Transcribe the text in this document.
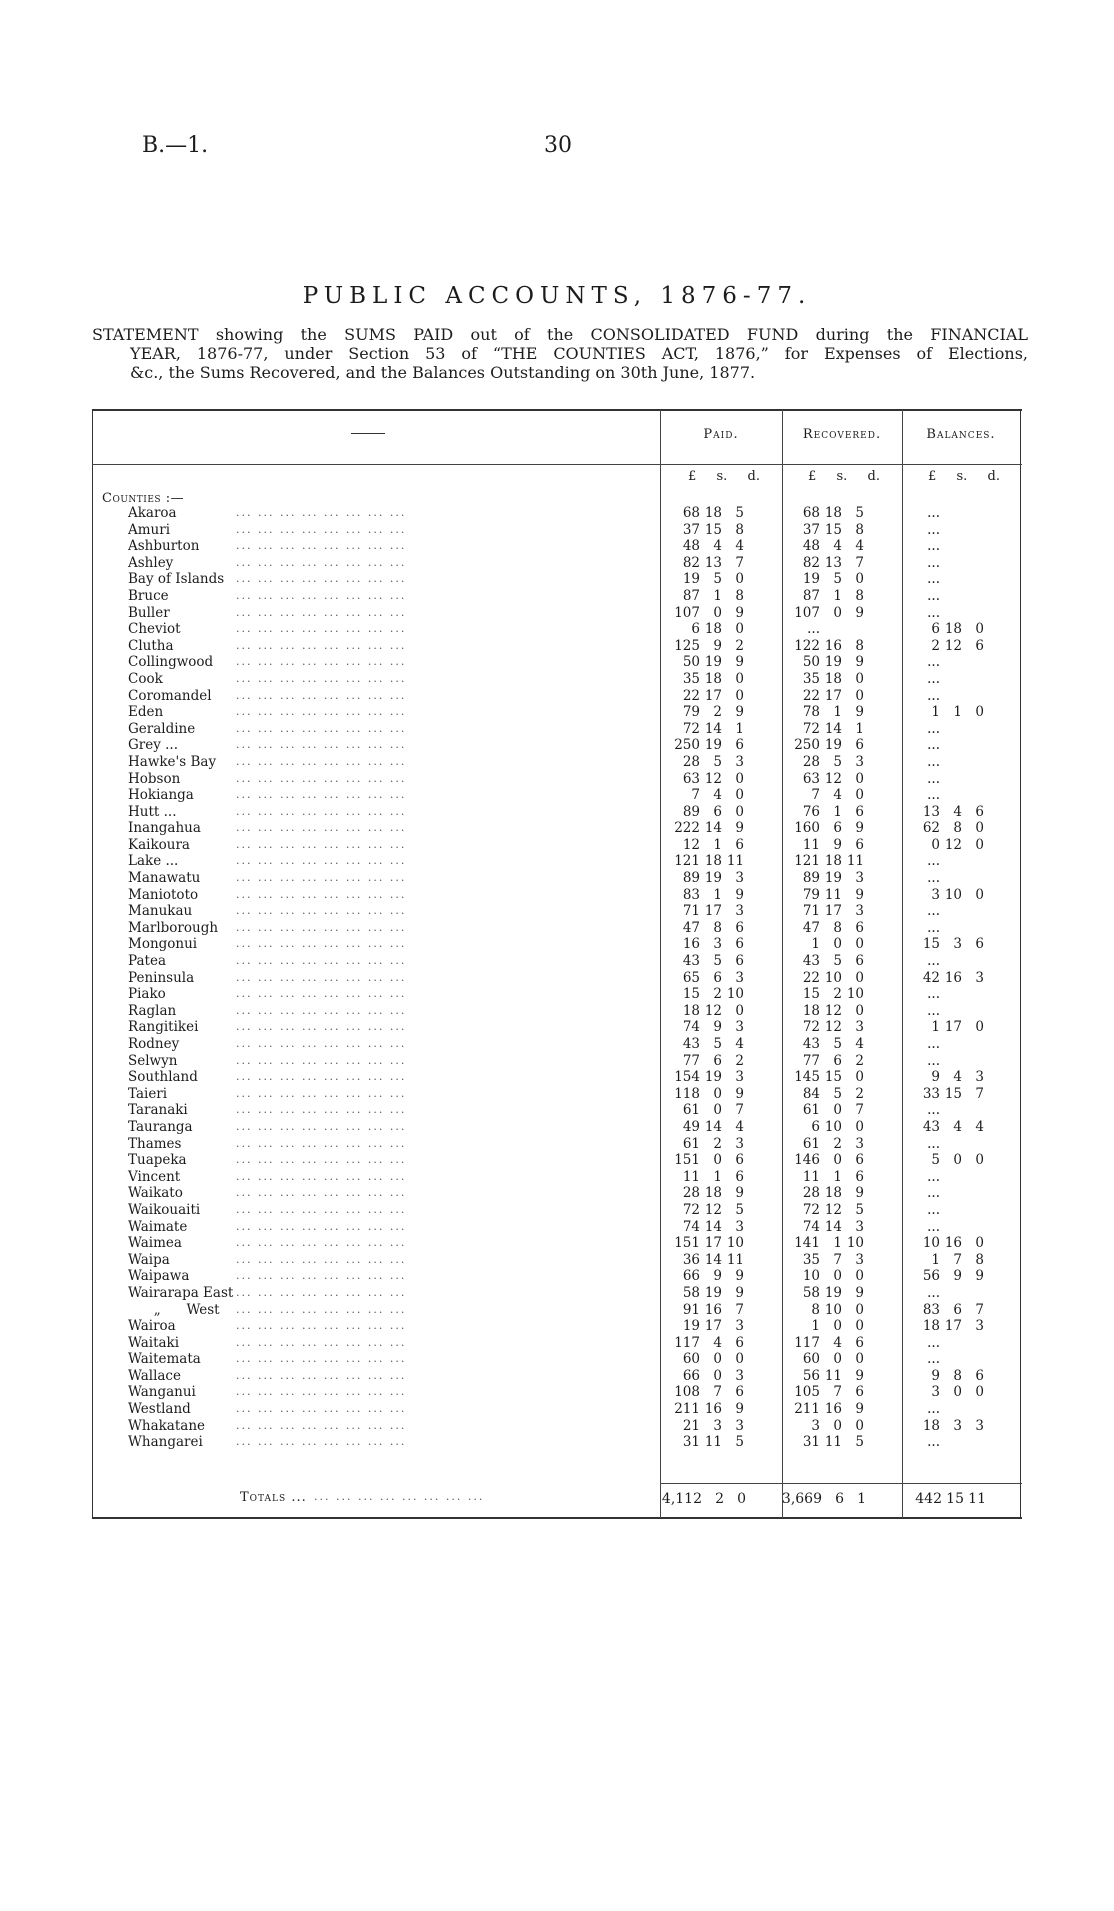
B.—1.	30
PUBLIC ACCOUNTS, 1876-77.
STATEMENT showing the SUMS PAID out of the CONSOLIDATED FUND during the FINANCIAL
YEAR, 1876-77, under Section 53 of “THE COUNTIES ACT, 1876,” for Expenses of Elections,
&c., the Sums Recovered, and the Balances Outstanding on 30th June, 1877.
Paid.	Recovered.	Balances.
£ s. d.	£ s. d.	£ s. d.
Counties :—
Akaroa	... ... ... ... ... ... ... ...	68 18 5	68 18 5	...
Amuri	... ... ... ... ... ... ... ...	37 15 8	37 15 8	...
Ashburton	... ... ... ... ... ... ... ...	48 4 4	48 4 4	...
Ashley	... ... ... ... ... ... ... ...	82 13 7	82 13 7	...
Bay of Islands ... ... ... ... ... ... ... ...	19 5 0	19 5 0	...
Bruce	... ... ... ... ... ... ... ...	87 1 8	87 1 8	...
Buller	... ... ... ... ... ... ... ...	107 0 9	107 0 9	...
Cheviot	... ... ... ... ... ... ... ...	6 18 0	...	6 18 0
Clutha	... ... ... ... ... ... ... ...	125 9 2	122 16 8	2 12 6
Collingwood ... ... ... ... ... ... ... ...	50 19 9	50 19 9	...
Cook	... ... ... ... ... ... ... ...	35 18 0	35 18 0	...
Coromandel ... ... ... ... ... ... ... ...	22 17 0	22 17 0	...
Eden	... ... ... ... ... ... ... ...	79 2 9	78 1 9	1 1 0
Geraldine	... ... ... ... ... ... ... ...	72 14 1	72 14 1	...
Grey ...	... ... ... ... ... ... ... ...	250 19 6	250 19 6	...
Hawke's Bay ... ... ... ... ... ... ... ...	28 5 3	28 5 3	...
Hobson	... ... ... ... ... ... ... ...	63 12 0	63 12 0	...
Hokianga	... ... ... ... ... ... ... ...	7 4 0	7 4 0	...
Hutt ...	... ... ... ... ... ... ... ...	89 6 0	76 1 6	13 4 6
Inangahua	... ... ... ... ... ... ... ...	222 14 9	160 6 9	62 8 0
Kaikoura	... ... ... ... ... ... ... ...	12 1 6	11 9 6	0 12 0
Lake ...	... ... ... ... ... ... ... ...	121 18 11	121 18 11	...
Manawatu	... ... ... ... ... ... ... ...	89 19 3	89 19 3	...
Maniototo	... ... ... ... ... ... ... ...	83 1 9	79 11 9	3 10 0
Manukau	... ... ... ... ... ... ... ...	71 17 3	71 17 3	...
Marlborough ... ... ... ... ... ... ... ...	47 8 6	47 8 6	...
Mongonui	... ... ... ... ... ... ... ...	16 3 6	1 0 0	15 3 6
Patea	... ... ... ... ... ... ... ...	43 5 6	43 5 6	...
Peninsula	... ... ... ... ... ... ... ...	65 6 3	22 10 0	42 16 3
Piako	... ... ... ... ... ... ... ...	15 2 10	15 2 10	...
Raglan	... ... ... ... ... ... ... ...	18 12 0	18 12 0	...
Rangitikei	... ... ... ... ... ... ... ...	74 9 3	72 12 3	1 17 0
Rodney	... ... ... ... ... ... ... ...	43 5 4	43 5 4	...
Selwyn	... ... ... ... ... ... ... ...	77 6 2	77 6 2	...
Southland	... ... ... ... ... ... ... ...	154 19 3	145 15 0	9 4 3
Taieri	... ... ... ... ... ... ... ...	118 0 9	84 5 2	33 15 7
Taranaki	... ... ... ... ... ... ... ...	61 0 7	61 0 7	...
Tauranga	... ... ... ... ... ... ... ...	49 14 4	6 10 0	43 4 4
Thames	... ... ... ... ... ... ... ...	61 2 3	61 2 3	...
Tuapeka	... ... ... ... ... ... ... ...	151 0 6	146 0 6	5 0 0
Vincent	... ... ... ... ... ... ... ...	11 1 6	11 1 6	...
Waikato	... ... ... ... ... ... ... ...	28 18 9	28 18 9	...
Waikouaiti	... ... ... ... ... ... ... ...	72 12 5	72 12 5	...
Waimate	... ... ... ... ... ... ... ...	74 14 3	74 14 3	...
Waimea	... ... ... ... ... ... ... ...	151 17 10	141 1 10	10 16 0
Waipa	... ... ... ... ... ... ... ...	36 14 11	35 7 3	1 7 8
Waipawa	... ... ... ... ... ... ... ...	66 9 9	10 0 0	56 9 9
Wairarapa East ... ... ... ... ... ... ... ...	58 19 9	58 19 9	...
„      West ... ... ... ... ... ... ... ...	91 16 7	8 10 0	83 6 7
Wairoa	... ... ... ... ... ... ... ...	19 17 3	1 0 0	18 17 3
Waitaki	... ... ... ... ... ... ... ...	117 4 6	117 4 6	...
Waitemata	... ... ... ... ... ... ... ...	60 0 0	60 0 0	...
Wallace	... ... ... ... ... ... ... ...	66 0 3	56 11 9	9 8 6
Wanganui	... ... ... ... ... ... ... ...	108 7 6	105 7 6	3 0 0
Westland	... ... ... ... ... ... ... ...	211 16 9	211 16 9	...
Whakatane	... ... ... ... ... ... ... ...	21 3 3	3 0 0	18 3 3
Whangarei	... ... ... ... ... ... ... ...	31 11 5	31 11 5	...
Totals ... ... ... ... ... ... ... ... ...	4,112 2 0	3,669 6 1	442 15 11
